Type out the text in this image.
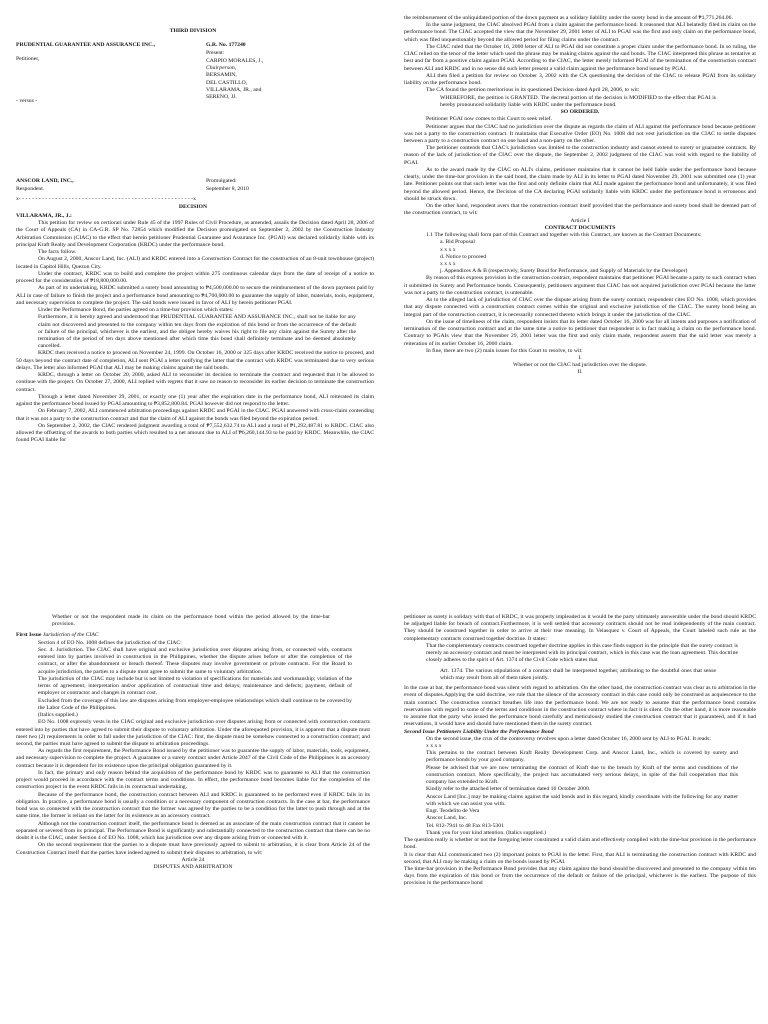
THIRD DIVISION

PRUDENTIAL GUARANTEE AND ASSURANCE INC.,
Petitioner,
- versus -
ANSCOR LAND, INC.,
Respondent.
G.R. No. 177240
Present:
CARPIO MORALES, J.,
Chairperson,
BERSAMIN,
DEL CASTILLO,
VILLARAMA, JR., and
SERENO, JJ.
Promulgated:
September 8, 2010
x- - - - - - - - - - - - - - - - - - - - - - - - - - - - - - - - - - - - - - - - - - - - - - - - - - - - -x
DECISION

VILLARAMA, JR., J.:

This petition for review on certiorari under Rule 45 of the 1997 Rules of Civil Procedure, as amended, assails the Decision dated April 28, 2006 of the Court of Appeals (CA) in CA-G.R. SP No. 72854 which modified the Decision promulgated on September 2, 2002 by the Construction Industry Arbitration Commission (CIAC) to the effect that herein petitioner Prudential Guarantee and Assurance Inc. (PGAI) was declared solidarily liable with its principal Kraft Realty and Development Corporation (KRDC) under the performance bond.

The facts follow.

On August 2, 2000, Anscor Land, Inc. (ALI) and KRDC entered into a Construction Contract for the construction of an 8-unit townhouse (project) located in Capitol Hills, Quezon City.

Under the contract, KRDC was to build and complete the project within 275 continuous calendar days from the date of receipt of a notice to proceed for the consideration of ₱18,800,000.00.

As part of its undertaking, KRDC submitted a surety bond amounting to ₱4,500,000.00 to secure the reimbursement of the down payment paid by ALI in case of failure to finish the project and a performance bond amounting to ₱4,700,000.00 to guarantee the supply of labor, materials, tools, equipment, and necessary supervision to complete the project. The said bonds were issued in favor of ALI by herein petitioner PGAI.

Under the Performance Bond, the parties agreed on a time-bar provision which states:

Furthermore, it is hereby agreed and understood that PRUDENTIAL GUARANTEE AND ASSURANCE INC., shall not be liable for any claim not discovered and presented to the company within ten days from the expiration of this bond or from the occurrence of the default or failure of the principal, whichever is the earliest, and the obligee hereby waives his right to file any claim against the Surety after the termination of the period of ten days above mentioned after which time this bond shall definitely terminate and be deemed absolutely cancelled.

KRDC then received a notice to proceed on November 24, 1999. On October 16, 2000 or 325 days after KRDC received the notice to proceed, and 50 days beyond the contract date of completion, ALI sent PGAI a letter notifying the latter that the contract with KRDC was terminated due to very serious delays. The letter also informed PGAI that ALI may be making claims against the said bonds.

KRDC, through a letter on October 20, 2000, asked ALI to reconsider its decision to terminate the contract and requested that it be allowed to continue with the project. On October 27, 2000, ALI replied with regrets that it saw no reason to reconsider its earlier decision to terminate the construction contract.

Through a letter dated November 29, 2001, or exactly one (1) year after the expiration date in the performance bond, ALI reiterated its claim against the performance bond issued by PGAI amounting to ₱3,852,800.84. PGAI however did not respond to the letter.

On February 7, 2002, ALI commenced arbitration proceedings against KRDC and PGAI in the CIAC. PGAI answered with cross-claim contending that it was not a party to the construction contract and that the claim of ALI against the bonds was filed beyond the expiration period.

On September 2, 2002, the CIAC rendered judgment awarding a total of ₱7,552,632.74 to ALI and a total of ₱1,292,487.81 to KRDC. CIAC also allowed the offsetting of the awards to both parties which resulted to a net amount due to ALI of ₱6,260,144.93 to be paid by KRDC. Meanwhile, the CIAC found PGAI liable for

the reimbursement of the unliquidated portion of the down payment as a solidary liability under the surety bond in the amount of ₱1,771,264.06.

In the same judgment, the CIAC absolved PGAI from a claim against the performance bond. It reasoned that ALI belatedly filed its claim on the performance bond. The CIAC accepted the view that the November 29, 2001 letter of ALI to PGAI was the first and only claim on the performance bond, which was filed unquestionably beyond the allowed period for filing claims under the contract.

The CIAC ruled that the October 16, 2000 letter of ALI to PGAI did not constitute a proper claim under the performance bond. In so ruling, the CIAC relied on the tenor of the letter which used the phrase may be making claims against the said bonds. The CIAC interpreted this phrase as tentative at best and far from a positive claim against PGAI. According to the CIAC, the letter merely informed PGAI of the termination of the construction contract between ALI and KRDC and in no sense did such letter present a valid claim against the performance bond issued by PGAI.

ALI then filed a petition for review on October 3, 2002 with the CA questioning the decision of the CIAC to release PGAI from its solidary liability on the performance bond.

The CA found the petition meritorious in its questioned Decision dated April 28, 2006, to wit:

WHEREFORE, the petition is GRANTED. The decretal portion of the decision is MODIFIED to the effect that PGAI is hereby pronounced solidarily liable with KRDC under the performance bond.

SO ORDERED.

Petitioner PGAI now comes to this Court to seek relief.

Petitioner argues that the CIAC had no jurisdiction over the dispute as regards the claim of ALI against the performance bond because petitioner was not a party to the construction contract. It maintains that Executive Order (EO) No. 1008 did not vest jurisdiction on the CIAC to settle disputes between a party to a construction contract on one hand and a non-party on the other.

The petitioner contends that CIAC's jurisdiction was limited to the construction industry and cannot extend to surety or guarantee contracts. By reason of the lack of jurisdiction of the CIAC over the dispute, the September 2, 2002 judgment of the CIAC was void with regard to the liability of PGAI.

As to the award made by the CIAC on ALI's claims, petitioner maintains that it cannot be held liable under the performance bond because clearly, under the time-bar provision in the said bond, the claim made by ALI in its letter to PGAI dated November 29, 2001 was submitted one (1) year late. Petitioner points out that such letter was the first and only definite claim that ALI made against the performance bond and unfortunately, it was filed beyond the allowed period. Hence, the Decision of the CA declaring PGAI solidarily liable with KRDC under the performance bond is erroneous and should be struck down.

On the other hand, respondent avers that the construction contract itself provided that the performance and surety bond shall be deemed part of the construction contract, to wit:

Article I

CONTRACT DOCUMENTS

1.1 The following shall form part of this Contract and together with this Contract, are known as the Contract Documents:

a. Bid Proposal

x x x x

d. Notice to proceed

x x x x

j. Appendices A & B (respectively, Surety Bond for Performance, and Supply of Materials by the Developer)

By reason of this express provision in the construction contract, respondent maintains that petitioner PGAI became a party to such contract when it submitted its Surety and Performance bonds. Consequently, petitioners argument that CIAC has not acquired jurisdiction over PGAI because the latter was not a party to the construction contract, is untenable.

As to the alleged lack of jurisdiction of CIAC over the dispute arising from the surety contract, respondent cites EO No. 1008, which provides that any dispute connected with a construction contract comes within the original and exclusive jurisdiction of the CIAC. The surety bond being an integral part of the construction contract, it is necessarily connected thereto which brings it under the jurisdiction of the CIAC.

On the issue of timeliness of the claim, respondent insists that its letter dated October 16, 2000 was for all intents and purposes a notification of termination of the construction contract and at the same time a notice to petitioner that respondent is in fact making a claim on the performance bond. Contrary to PGAIs view that the November 29, 2001 letter was the first and only claim made, respondent asserts that the said letter was merely a reiteration of its earlier October 16, 2000 claim.

In fine, there are two (2) main issues for this Court to resolve, to wit:

I.

Whether or not the CIAC had jurisdiction over the dispute.

II.

Whether or not the respondent made its claim on the performance bond within the period allowed by the time-bar provision.

First Issue Jurisdiction of the CIAC

Section 4 of EO No. 1008 defines the jurisdiction of the CIAC:

Sec. 4. Jurisdiction. The CIAC shall have original and exclusive jurisdiction over disputes arising from, or connected with, contracts entered into by parties involved in construction in the Philippines, whether the dispute arises before or after the completion of the contract, or after the abandonment or breach thereof. These disputes may involve government or private contracts. For the Board to acquire jurisdiction, the parties to a dispute must agree to submit the same to voluntary arbitration.

The jurisdiction of the CIAC may include but is not limited to violation of specifications for materials and workmanship; violation of the terms of agreement; interpretation and/or application of contractual time and delays; maintenance and defects; payment, default of employer or contractor and changes in contract cost.

Excluded from the coverage of this law are disputes arising from employer-employee relationships which shall continue to be covered by the Labor Code of the Philippines.

(Italics supplied.)

EO No. 1008 expressly vests in the CIAC original and exclusive jurisdiction over disputes arising from or connected with construction contracts entered into by parties that have agreed to submit their dispute to voluntary arbitration. Under the aforequoted provision, it is apparent that a dispute must meet two (2) requirements in order to fall under the jurisdiction of the CIAC: first, the dispute must be somehow connected to a construction contract; and second, the parties must have agreed to submit the dispute to arbitration proceedings.

As regards the first requirement, the Performance Bond issued by the petitioner was to guarantee the supply of labor, materials, tools, equipment, and necessary supervision to complete the project. A guarantee or a surety contract under Article 2047 of the Civil Code of the Philippines is an accessory contract because it is dependent for its existence upon the principal obligation guaranteed by it.

In fact, the primary and only reason behind the acquisition of the performance bond by KRDC was to guarantee to ALI that the construction project would proceed in accordance with the contract terms and conditions. In effect, the performance bond becomes liable for the completion of the construction project in the event KRDC fails in its contractual undertaking.

Because of the performance bond, the construction contract between ALI and KRDC is guaranteed to be performed even if KRDC fails in its obligation. In practice, a performance bond is usually a condition or a necessary component of construction contracts. In the case at bar, the performance bond was so connected with the construction contract that the former was agreed by the parties to be a condition for the latter to push through and at the same time, the former is reliant on the latter for its existence as an accessory contract.

Although not the construction contract itself, the performance bond is deemed as an associate of the main construction contract that it cannot be separated or severed from its principal. The Performance Bond is significantly and substantially connected to the construction contract that there can be no doubt it is the CIAC, under Section 4 of EO No. 1008, which has jurisdiction over any dispute arising from or connected with it.

On the second requirement that the parties to a dispute must have previously agreed to submit to arbitration, it is clear from Article 24 of the Construction Contract itself that the parties have indeed agreed to submit their disputes to arbitration, to wit:

Article 24

DISPUTES AND ARBITRATION

petitioner as surety is solidary with that of KRDC, it was properly impleaded as it would be the party ultimately answerable under the bond should KRDC be adjudged liable for breach of contract.Furthermore, it is well settled that accessory contracts should not be read independently of the main contract. They should be construed together in order to arrive at their true meaning. In Velasquez v. Court of Appeals, the Court labeled such rule as the complementary contracts construed together doctrine. It states:

That the complementary contracts construed together doctrine applies in this case finds support in the principle that the surety contract is merely an accessory contract and must be interpreted with its principal contract, which in this case was the loan agreement. This doctrine closely adheres to the spirit of Art. 1374 of the Civil Code which states that

Art. 1374. The various stipulations of a contract shall be interpreted together, attributing to the doubtful ones that sense which may result from all of them taken jointly.

In the case at bar, the performance bond was silent with regard to arbitration. On the other hand, the construction contract was clear as to arbitration in the event of disputes.Applying the said doctrine, we rule that the silence of the accessory contract in this case could only be construed as acquiescence to the main contract. The construction contract breathes life into the performance bond. We are not ready to assume that the performance bond contains reservations with regard to some of the terms and conditions in the construction contract where in fact it is silent. On the other hand, it is more reasonable to assume that the party who issued the performance bond carefully and meticulously studied the construction contract that it guaranteed, and if it had reservations, it would have and should have mentioned them in the surety contract.

Second Issue Petitioners Liability Under the Performance Bond

On the second issue, the crux of the controversy revolves upon a letter dated October 16, 2000 sent by ALI to PGAI. It reads:

x x x x

This pertains to the contract between Kraft Realty Development Corp. and Anscor Land, Inc., which is covered by surety and performance bonds by your good company.

Please be advised that we are now terminating the contract of Kraft due to the breach by Kraft of the terms and conditions of the construction contract. More specifically, the project has accumulated very serious delays, in spite of the full cooperation that this company has extended to Kraft.

Kindly refer to the attached letter of termination dated 16 October 2000.

Anscor Land [Inc.] may be making claims against the said bonds and in this regard, kindly coordinate with the following for any matter with which we can assist you with.

Engr. Teodelito de Vera

Anscor Land, Inc.

Tel. 812-7941 to 48 Fax 813-5301

Thank you for your kind attention. (Italics supplied.)

The question really is whether or not the foregoing letter constituted a valid claim and effectively complied with the time-bar provision in the performance bond.

It is clear that ALI communicated two (2) important points to PGAI in the letter. First, that ALI is terminating the construction contract with KRDC and second, that ALI may be making a claim on the bonds issued by PGAI.

The time-bar provision in the Performance Bond provides that any claim against the bond should be discovered and presented to the company within ten days from the expiration of this bond or from the occurrence of the default or failure of the principal, whichever is the earliest. The purpose of this provision in the performance bond
